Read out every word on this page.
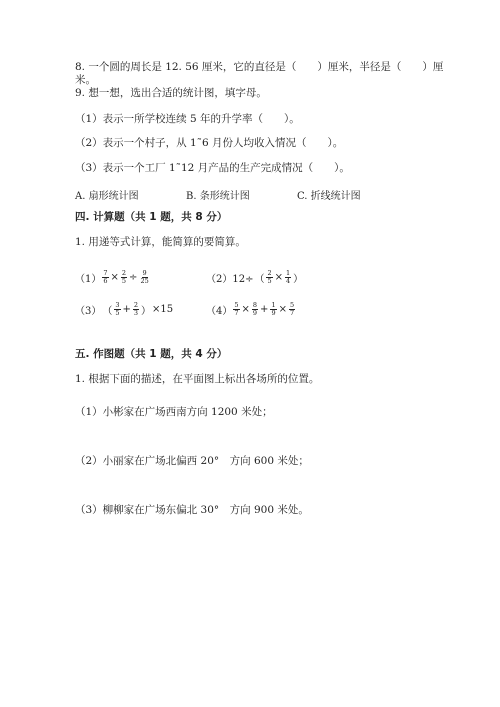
8. 一个圆的周长是 12. 56 厘米，它的直径是（　　）厘米，半径是（　　）厘
米。
9. 想一想，选出合适的统计图，填字母。
（1）表示一所学校连续 5 年的升学率（　　）。
（2）表示一个村子，从 1˜6 月份人均收入情况（　　）。
（3）表示一个工厂 1˜12 月产品的生产完成情况（　　）。
A. 扇形统计图	B. 条形统计图	C. 折线统计图
四. 计算题（共 1 题，共 8 分）
1. 用递等式计算，能简算的要简算。
$(1) \frac{7}{6} \times \frac{2}{5} \div \frac{9}{25}$	（2）12÷ （ $\frac{2}{5} \times \frac{1}{4}$ ）
（3） （ $\frac{3}{5} + \frac{2}{3}$ ） ×15	$(4) \frac{5}{7} \times \frac{8}{9} + \frac{1}{9} \times \frac{5}{7}$
五. 作图题（共 1 题，共 4 分）
1. 根据下面的描述，在平面图上标出各场所的位置。
（1）小彬家在广场西南方向 1200 米处；
（2）小丽家在广场北偏西 20°　方向 600 米处；
（3）柳柳家在广场东偏北 30°　方向 900 米处。
